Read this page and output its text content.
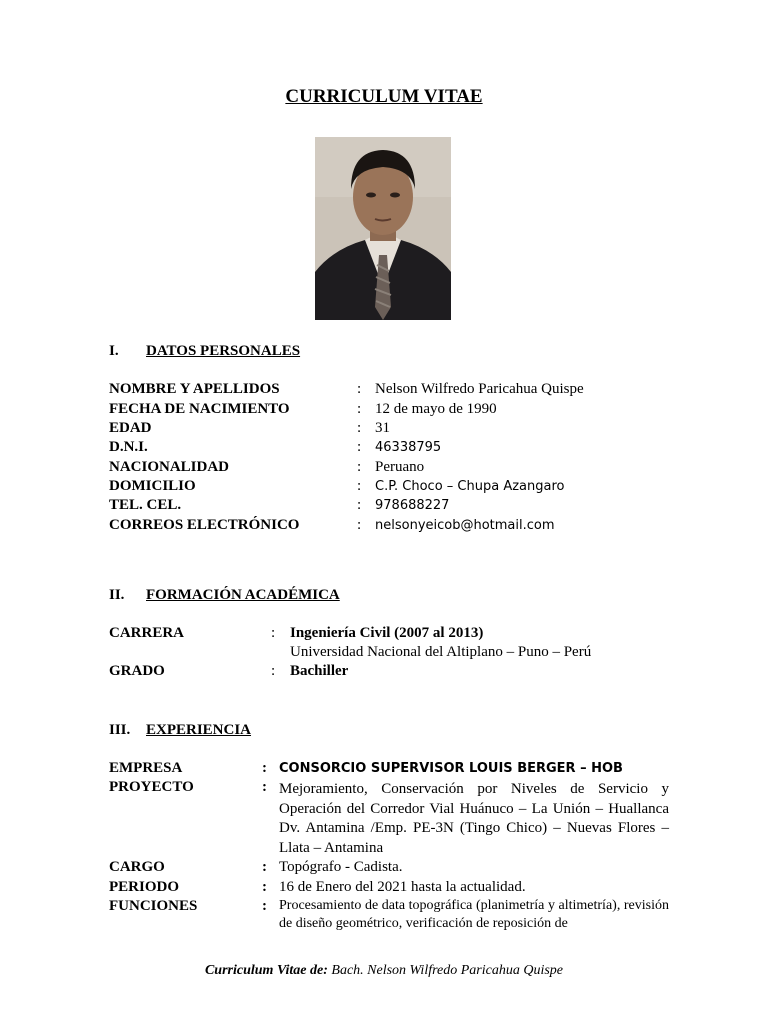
CURRICULUM VITAE
I. DATOS PERSONALES
NOMBRE Y APELLIDOS	: Nelson Wilfredo Paricahua Quispe
FECHA DE NACIMIENTO	: 12 de mayo de 1990
EDAD	: 31
D.N.I.	: 46338795
NACIONALIDAD	: Peruano
DOMICILIO	: C.P. Choco – Chupa Azangaro
TEL. CEL.	: 978688227
CORREOS ELECTRÓNICO	: nelsonyeicob@hotmail.com
II. FORMACIÓN ACADÉMICA
CARRERA	: Ingeniería Civil (2007 al 2013)
Universidad Nacional del Altiplano – Puno – Perú
GRADO	: Bachiller
III. EXPERIENCIA
EMPRESA	: CONSORCIO SUPERVISOR LOUIS BERGER – HOB
PROYECTO	: Mejoramiento, Conservación por Niveles de Servicio y Operación del Corredor Vial Huánuco – La Unión – Huallanca Dv. Antamina /Emp. PE-3N (Tingo Chico) – Nuevas Flores – Llata – Antamina
CARGO	: Topógrafo - Cadista.
PERIODO	: 16 de Enero del 2021 hasta la actualidad.
FUNCIONES	: Procesamiento de data topográfica (planimetría y altimetría), revisión de diseño geométrico, verificación de reposición de
Curriculum Vitae de: Bach. Nelson Wilfredo Paricahua Quispe
